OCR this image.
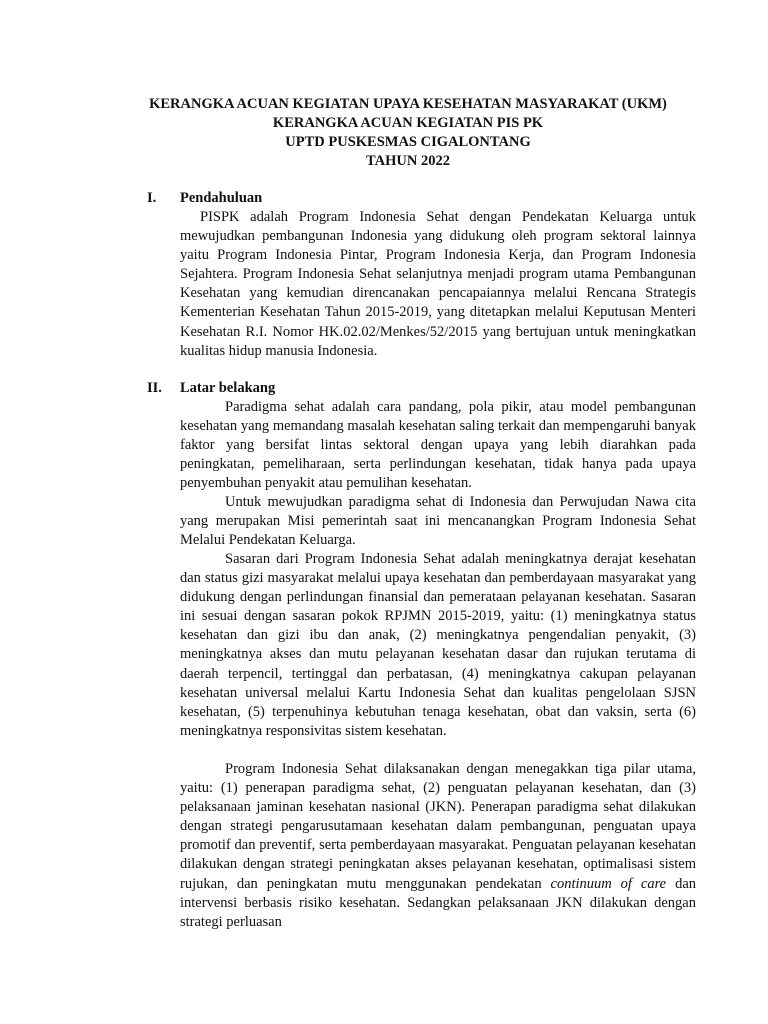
KERANGKA ACUAN KEGIATAN UPAYA KESEHATAN MASYARAKAT (UKM)
KERANGKA ACUAN KEGIATAN PIS PK
UPTD PUSKESMAS CIGALONTANG
TAHUN 2022
I. Pendahuluan

PISPK adalah Program Indonesia Sehat dengan Pendekatan Keluarga untuk mewujudkan pembangunan Indonesia yang didukung oleh program sektoral lainnya yaitu Program Indonesia Pintar, Program Indonesia Kerja, dan Program Indonesia Sejahtera. Program Indonesia Sehat selanjutnya menjadi program utama Pembangunan Kesehatan yang kemudian direncanakan pencapaiannya melalui Rencana Strategis Kementerian Kesehatan Tahun 2015-2019, yang ditetapkan melalui Keputusan Menteri Kesehatan R.I. Nomor HK.02.02/Menkes/52/2015 yang bertujuan untuk meningkatkan kualitas hidup manusia Indonesia.

II. Latar belakang

Paradigma sehat adalah cara pandang, pola pikir, atau model pembangunan kesehatan yang memandang masalah kesehatan saling terkait dan mempengaruhi banyak faktor yang bersifat lintas sektoral dengan upaya yang lebih diarahkan pada peningkatan, pemeliharaan, serta perlindungan kesehatan, tidak hanya pada upaya penyembuhan penyakit atau pemulihan kesehatan.

Untuk mewujudkan paradigma sehat di Indonesia dan Perwujudan Nawa cita yang merupakan Misi pemerintah saat ini mencanangkan Program Indonesia Sehat Melalui Pendekatan Keluarga.

Sasaran dari Program Indonesia Sehat adalah meningkatnya derajat kesehatan dan status gizi masyarakat melalui upaya kesehatan dan pemberdayaan masyarakat yang didukung dengan perlindungan finansial dan pemerataan pelayanan kesehatan. Sasaran ini sesuai dengan sasaran pokok RPJMN 2015-2019, yaitu: (1) meningkatnya status kesehatan dan gizi ibu dan anak, (2) meningkatnya pengendalian penyakit, (3) meningkatnya akses dan mutu pelayanan kesehatan dasar dan rujukan terutama di daerah terpencil, tertinggal dan perbatasan, (4) meningkatnya cakupan pelayanan kesehatan universal melalui Kartu Indonesia Sehat dan kualitas pengelolaan SJSN kesehatan, (5) terpenuhinya kebutuhan tenaga kesehatan, obat dan vaksin, serta (6) meningkatnya responsivitas sistem kesehatan.

Program Indonesia Sehat dilaksanakan dengan menegakkan tiga pilar utama, yaitu: (1) penerapan paradigma sehat, (2) penguatan pelayanan kesehatan, dan (3) pelaksanaan jaminan kesehatan nasional (JKN). Penerapan paradigma sehat dilakukan dengan strategi pengarusutamaan kesehatan dalam pembangunan, penguatan upaya promotif dan preventif, serta pemberdayaan masyarakat. Penguatan pelayanan kesehatan dilakukan dengan strategi peningkatan akses pelayanan kesehatan, optimalisasi sistem rujukan, dan peningkatan mutu menggunakan pendekatan continuum of care dan intervensi berbasis risiko kesehatan. Sedangkan pelaksanaan JKN dilakukan dengan strategi perluasan
